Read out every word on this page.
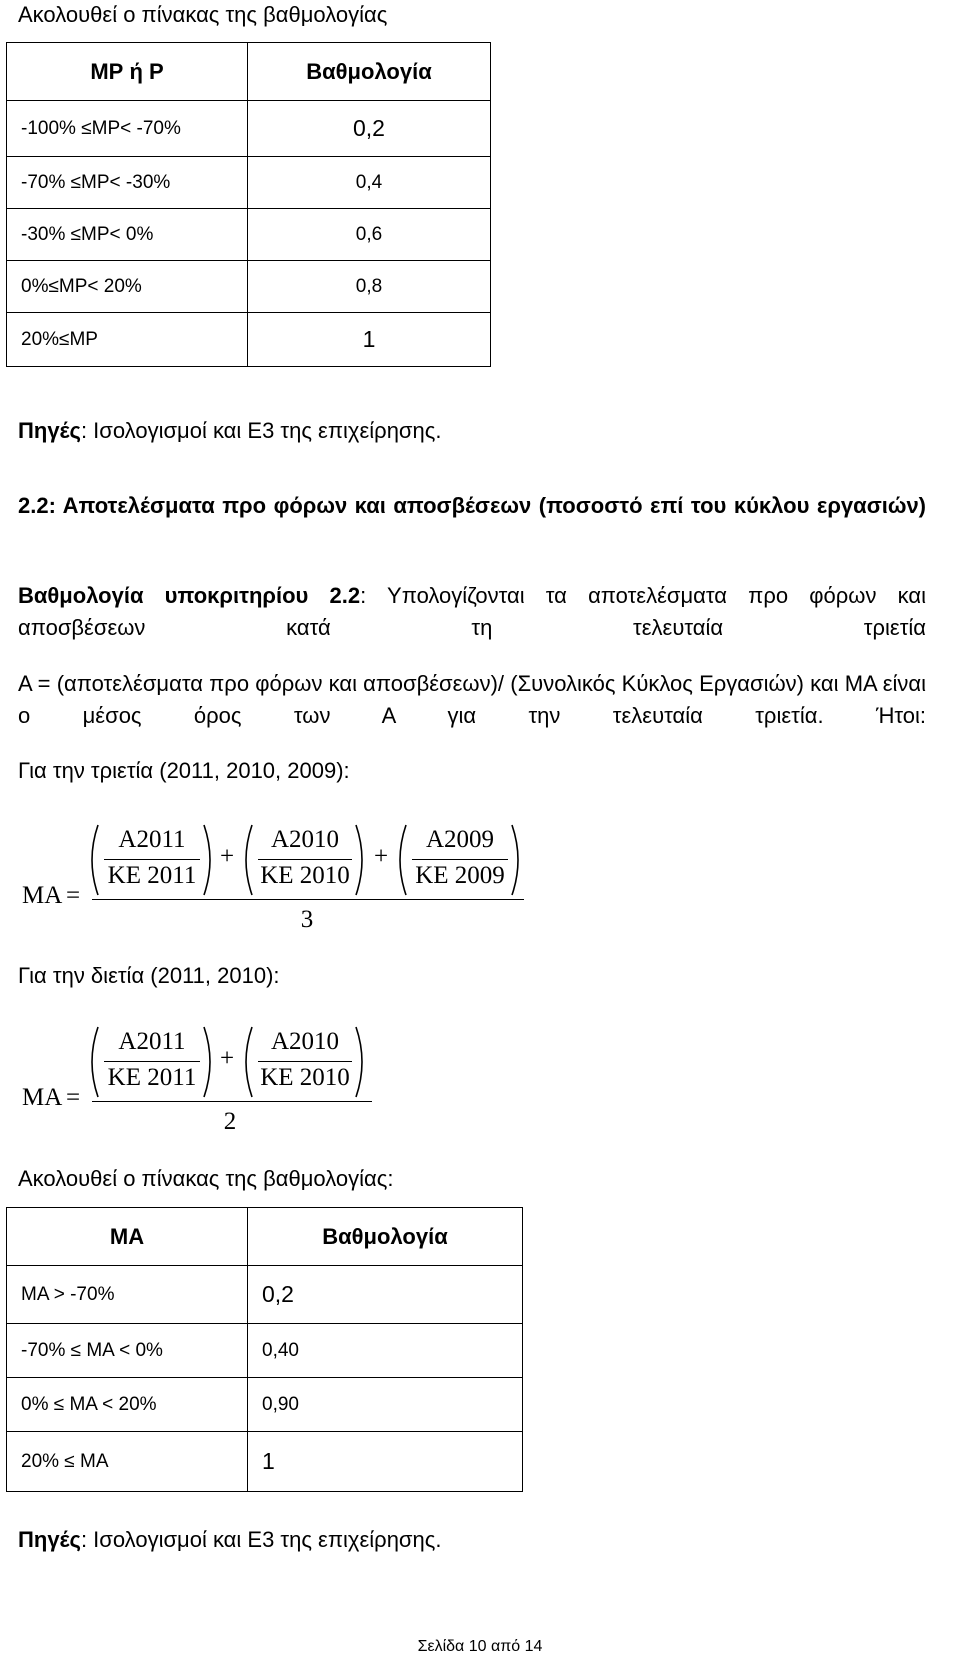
Ακολουθεί ο πίνακας της βαθμολογίας
ΜΡ ή Ρ	Βαθμολογία
-100% ≤ΜΡ< -70%	0,2
-70% ≤ΜΡ< -30%	0,4
-30% ≤ΜΡ< 0%	0,6
0%≤ΜΡ< 20%	0,8
20%≤ΜΡ	1
Πηγές: Ισολογισμοί και Ε3 της επιχείρησης.
2.2: Αποτελέσματα προ φόρων και αποσβέσεων (ποσοστό επί του κύκλου εργασιών)
Βαθμολογία υποκριτηρίου 2.2: Υπολογίζονται τα αποτελέσματα προ φόρων και αποσβέσεων κατά τη τελευταία τριετία
Α = (αποτελέσματα προ φόρων και αποσβέσεων)/ (Συνολικός Κύκλος Εργασιών) και ΜΑ είναι ο μέσος όρος των Α για την τελευταία τριετία. Ήτοι:
Για την τριετία (2011, 2010, 2009):
A2011
KE 2011
+
A2010
KE 2010
+
A2009
KE 2009
MA =
3
Για την διετία (2011, 2010):
A2011
KE 2011
+
A2010
KE 2010
MA =
2
Ακολουθεί ο πίνακας της βαθμολογίας:
ΜΑ	Βαθμολογία
ΜΑ > -70%	0,2
-70% ≤ ΜΑ < 0%	0,40
0% ≤ ΜΑ < 20%	0,90
20% ≤ ΜΑ	1
Πηγές: Ισολογισμοί και Ε3 της επιχείρησης.
Σελίδα 10 από 14
